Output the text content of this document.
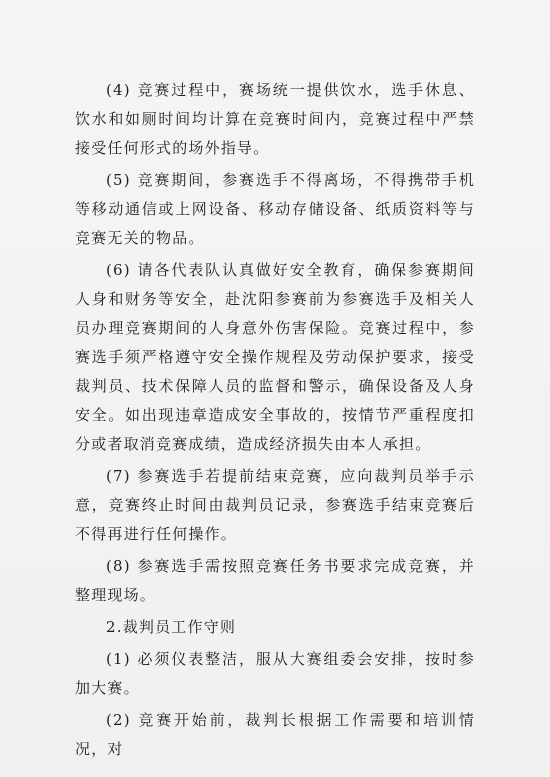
(4) 竞赛过程中，赛场统一提供饮水，选手休息、饮水和如厕时间均计算在竞赛时间内，竞赛过程中严禁接受任何形式的场外指导。

(5) 竞赛期间，参赛选手不得离场，不得携带手机等移动通信或上网设备、移动存储设备、纸质资料等与竞赛无关的物品。

(6) 请各代表队认真做好安全教育，确保参赛期间人身和财务等安全，赴沈阳参赛前为参赛选手及相关人员办理竞赛期间的人身意外伤害保险。竞赛过程中，参赛选手须严格遵守安全操作规程及劳动保护要求，接受裁判员、技术保障人员的监督和警示，确保设备及人身安全。如出现违章造成安全事故的，按情节严重程度扣分或者取消竞赛成绩，造成经济损失由本人承担。

(7) 参赛选手若提前结束竞赛，应向裁判员举手示意，竞赛终止时间由裁判员记录，参赛选手结束竞赛后不得再进行任何操作。

(8) 参赛选手需按照竞赛任务书要求完成竞赛，并整理现场。

2.裁判员工作守则

(1) 必须仪表整洁，服从大赛组委会安排，按时参加大赛。

(2) 竞赛开始前，裁判长根据工作需要和培训情况，对
